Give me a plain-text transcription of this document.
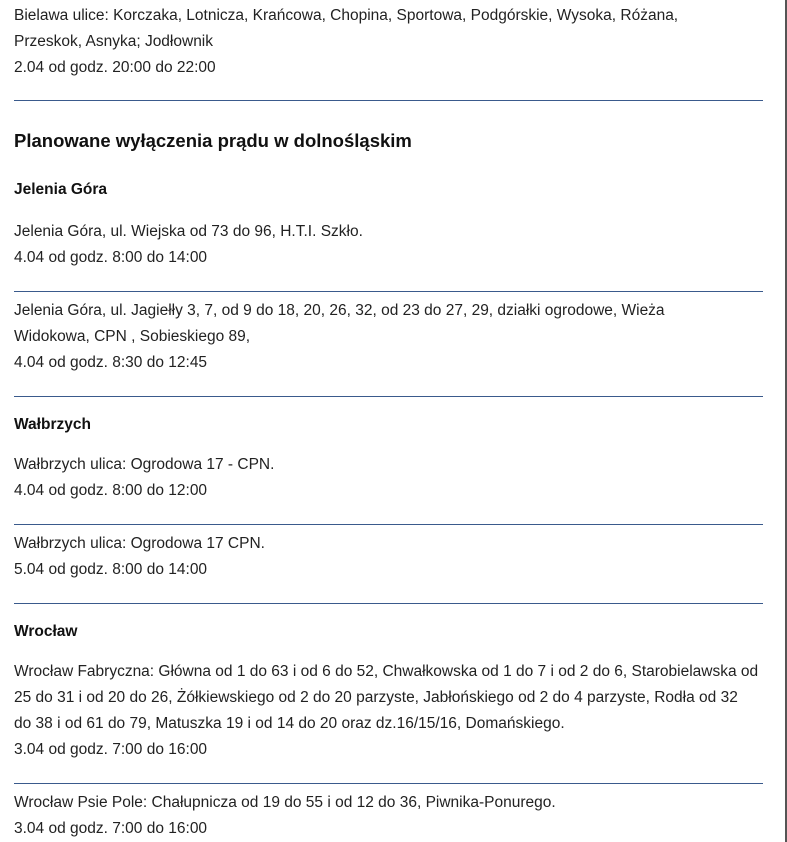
Bielawa ulice: Korczaka, Lotnicza, Krańcowa, Chopina, Sportowa, Podgórskie, Wysoka, Różana, Przeskok, Asnyka; Jodłownik

2.04 od godz. 20:00 do 22:00

Planowane wyłączenia prądu w dolnośląskim
Jelenia Góra

Jelenia Góra, ul. Wiejska od 73 do 96, H.T.I. Szkło.

4.04 od godz. 8:00 do 14:00

Jelenia Góra, ul. Jagiełły 3, 7, od 9 do 18, 20, 26, 32, od 23 do 27, 29, działki ogrodowe, Wieża Widokowa, CPN , Sobieskiego 89,

4.04 od godz. 8:30 do 12:45

Wałbrzych

Wałbrzych ulica: Ogrodowa 17 - CPN.

4.04 od godz. 8:00 do 12:00

Wałbrzych ulica: Ogrodowa 17 CPN.

5.04 od godz. 8:00 do 14:00

Wrocław

Wrocław Fabryczna: Główna od 1 do 63 i od 6 do 52, Chwałkowska od 1 do 7 i od 2 do 6, Starobielawska od 25 do 31 i od 20 do 26, Żółkiewskiego od 2 do 20 parzyste, Jabłońskiego od 2 do 4 parzyste, Rodła od 32 do 38 i od 61 do 79, Matuszka 19 i od 14 do 20 oraz dz.16/15/16, Domańskiego.

3.04 od godz. 7:00 do 16:00

Wrocław Psie Pole: Chałupnicza od 19 do 55 i od 12 do 36, Piwnika-Ponurego.

3.04 od godz. 7:00 do 16:00
